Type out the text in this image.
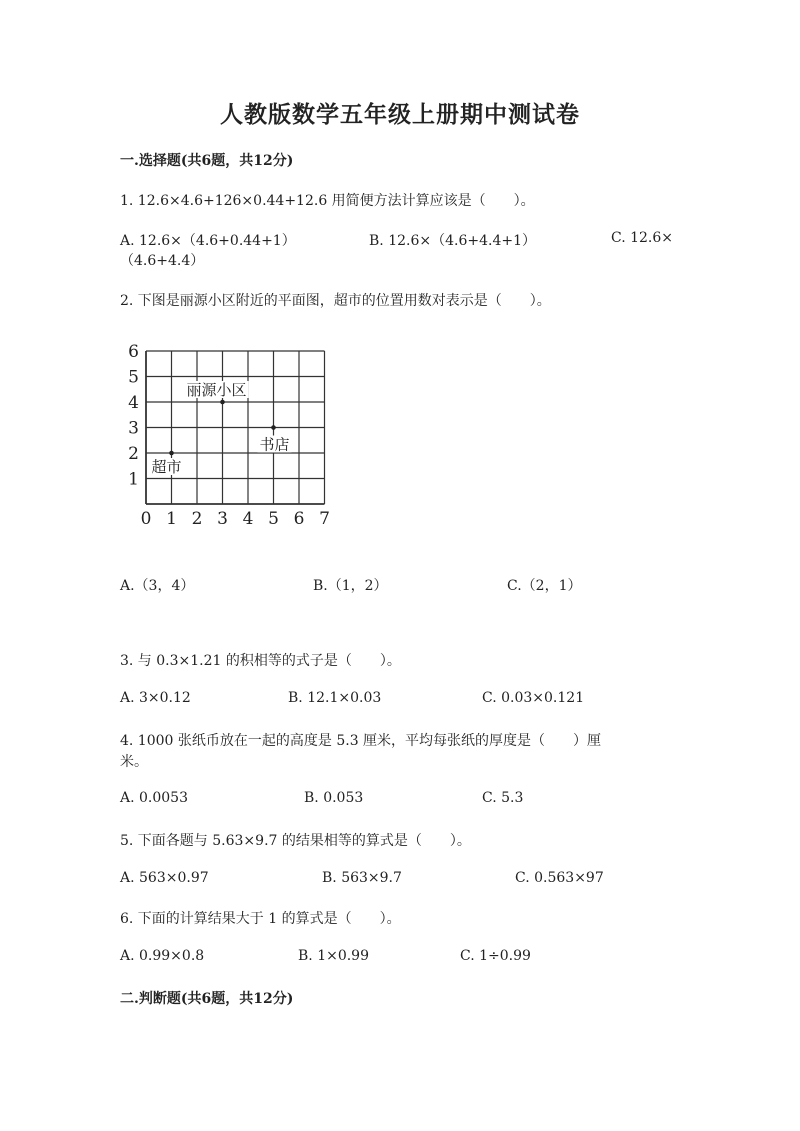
人教版数学五年级上册期中测试卷
一.选择题(共6题，共12分)
1. 12.6×4.6+126×0.44+12.6 用简便方法计算应该是（　　）。
A. 12.6×（4.6+0.44+1）	B. 12.6×（4.6+4.4+1）	C. 12.6×
（4.6+4.4）
2. 下图是丽源小区附近的平面图，超市的位置用数对表示是（　　）。
0 1 2 3 4 5 6 7
1
2
3
4
5
6
丽源小区
超市
书店
A.（3，4）	B.（1，2）	C.（2，1）
3. 与 0.3×1.21 的积相等的式子是（　　）。
A. 3×0.12	B. 12.1×0.03	C. 0.03×0.121
4. 1000 张纸币放在一起的高度是 5.3 厘米，平均每张纸的厚度是（　　）厘
米。
A. 0.0053	B. 0.053	C. 5.3
5. 下面各题与 5.63×9.7 的结果相等的算式是（　　）。
A. 563×0.97	B. 563×9.7	C. 0.563×97
6. 下面的计算结果大于 1 的算式是（　　）。
A. 0.99×0.8	B. 1×0.99	C. 1÷0.99
二.判断题(共6题，共12分)
